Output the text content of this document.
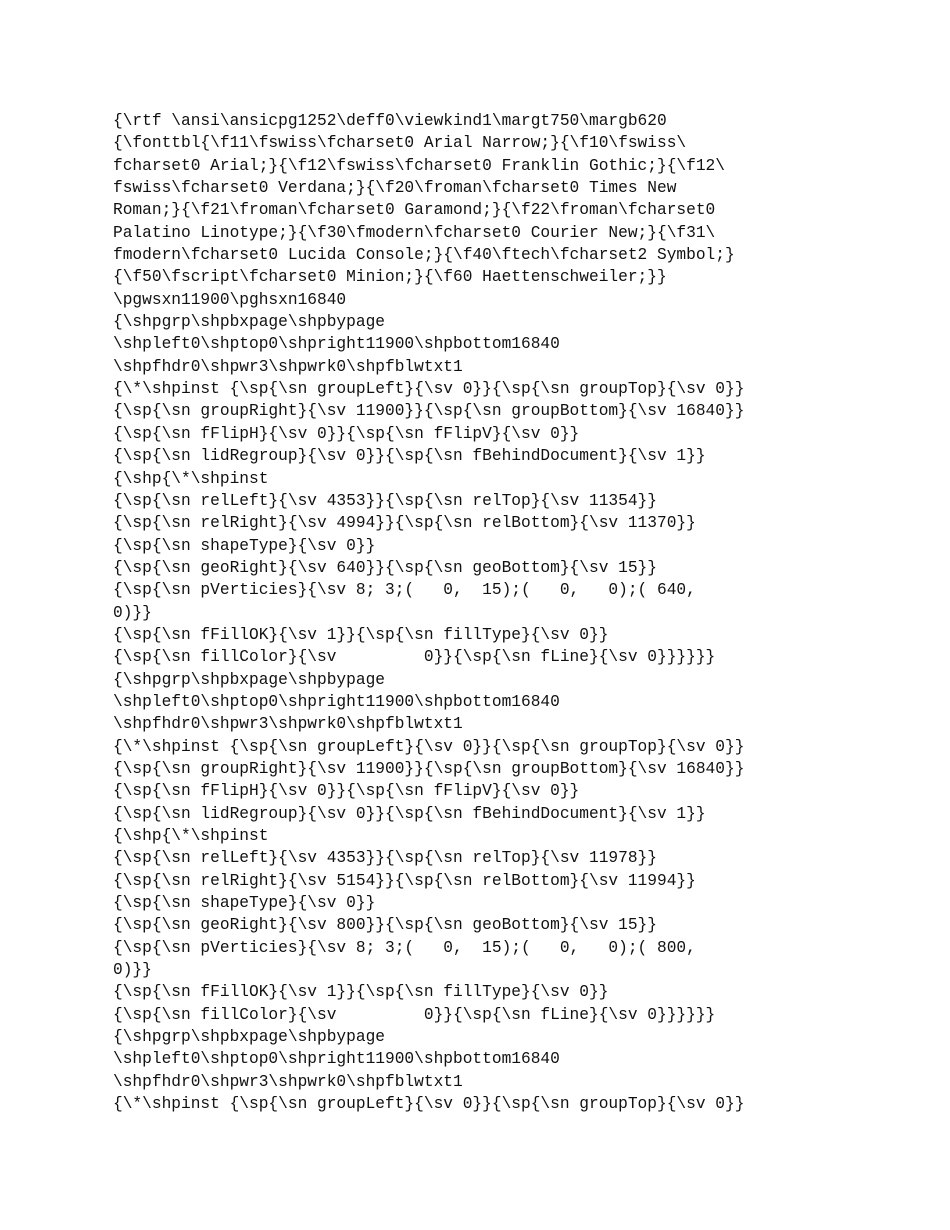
{\rtf \ansi\ansicpg1252\deff0\viewkind1\margt750\margb620
{\fonttbl{\f11\fswiss\fcharset0 Arial Narrow;}{\f10\fswiss\
fcharset0 Arial;}{\f12\fswiss\fcharset0 Franklin Gothic;}{\f12\
fswiss\fcharset0 Verdana;}{\f20\froman\fcharset0 Times New
Roman;}{\f21\froman\fcharset0 Garamond;}{\f22\froman\fcharset0
Palatino Linotype;}{\f30\fmodern\fcharset0 Courier New;}{\f31\
fmodern\fcharset0 Lucida Console;}{\f40\ftech\fcharset2 Symbol;}
{\f50\fscript\fcharset0 Minion;}{\f60 Haettenschweiler;}}
\pgwsxn11900\pghsxn16840
{\shpgrp\shpbxpage\shpbypage
\shpleft0\shptop0\shpright11900\shpbottom16840
\shpfhdr0\shpwr3\shpwrk0\shpfblwtxt1
{\*\shpinst {\sp{\sn groupLeft}{\sv 0}}{\sp{\sn groupTop}{\sv 0}}
{\sp{\sn groupRight}{\sv 11900}}{\sp{\sn groupBottom}{\sv 16840}}
{\sp{\sn fFlipH}{\sv 0}}{\sp{\sn fFlipV}{\sv 0}}
{\sp{\sn lidRegroup}{\sv 0}}{\sp{\sn fBehindDocument}{\sv 1}}
{\shp{\*\shpinst
{\sp{\sn relLeft}{\sv 4353}}{\sp{\sn relTop}{\sv 11354}}
{\sp{\sn relRight}{\sv 4994}}{\sp{\sn relBottom}{\sv 11370}}
{\sp{\sn shapeType}{\sv 0}}
{\sp{\sn geoRight}{\sv 640}}{\sp{\sn geoBottom}{\sv 15}}
{\sp{\sn pVerticies}{\sv 8; 3;(   0,  15);(   0,   0);( 640,
0)}}
{\sp{\sn fFillOK}{\sv 1}}{\sp{\sn fillType}{\sv 0}}
{\sp{\sn fillColor}{\sv         0}}{\sp{\sn fLine}{\sv 0}}}}}}
{\shpgrp\shpbxpage\shpbypage
\shpleft0\shptop0\shpright11900\shpbottom16840
\shpfhdr0\shpwr3\shpwrk0\shpfblwtxt1
{\*\shpinst {\sp{\sn groupLeft}{\sv 0}}{\sp{\sn groupTop}{\sv 0}}
{\sp{\sn groupRight}{\sv 11900}}{\sp{\sn groupBottom}{\sv 16840}}
{\sp{\sn fFlipH}{\sv 0}}{\sp{\sn fFlipV}{\sv 0}}
{\sp{\sn lidRegroup}{\sv 0}}{\sp{\sn fBehindDocument}{\sv 1}}
{\shp{\*\shpinst
{\sp{\sn relLeft}{\sv 4353}}{\sp{\sn relTop}{\sv 11978}}
{\sp{\sn relRight}{\sv 5154}}{\sp{\sn relBottom}{\sv 11994}}
{\sp{\sn shapeType}{\sv 0}}
{\sp{\sn geoRight}{\sv 800}}{\sp{\sn geoBottom}{\sv 15}}
{\sp{\sn pVerticies}{\sv 8; 3;(   0,  15);(   0,   0);( 800,
0)}}
{\sp{\sn fFillOK}{\sv 1}}{\sp{\sn fillType}{\sv 0}}
{\sp{\sn fillColor}{\sv         0}}{\sp{\sn fLine}{\sv 0}}}}}}
{\shpgrp\shpbxpage\shpbypage
\shpleft0\shptop0\shpright11900\shpbottom16840
\shpfhdr0\shpwr3\shpwrk0\shpfblwtxt1
{\*\shpinst {\sp{\sn groupLeft}{\sv 0}}{\sp{\sn groupTop}{\sv 0}}
